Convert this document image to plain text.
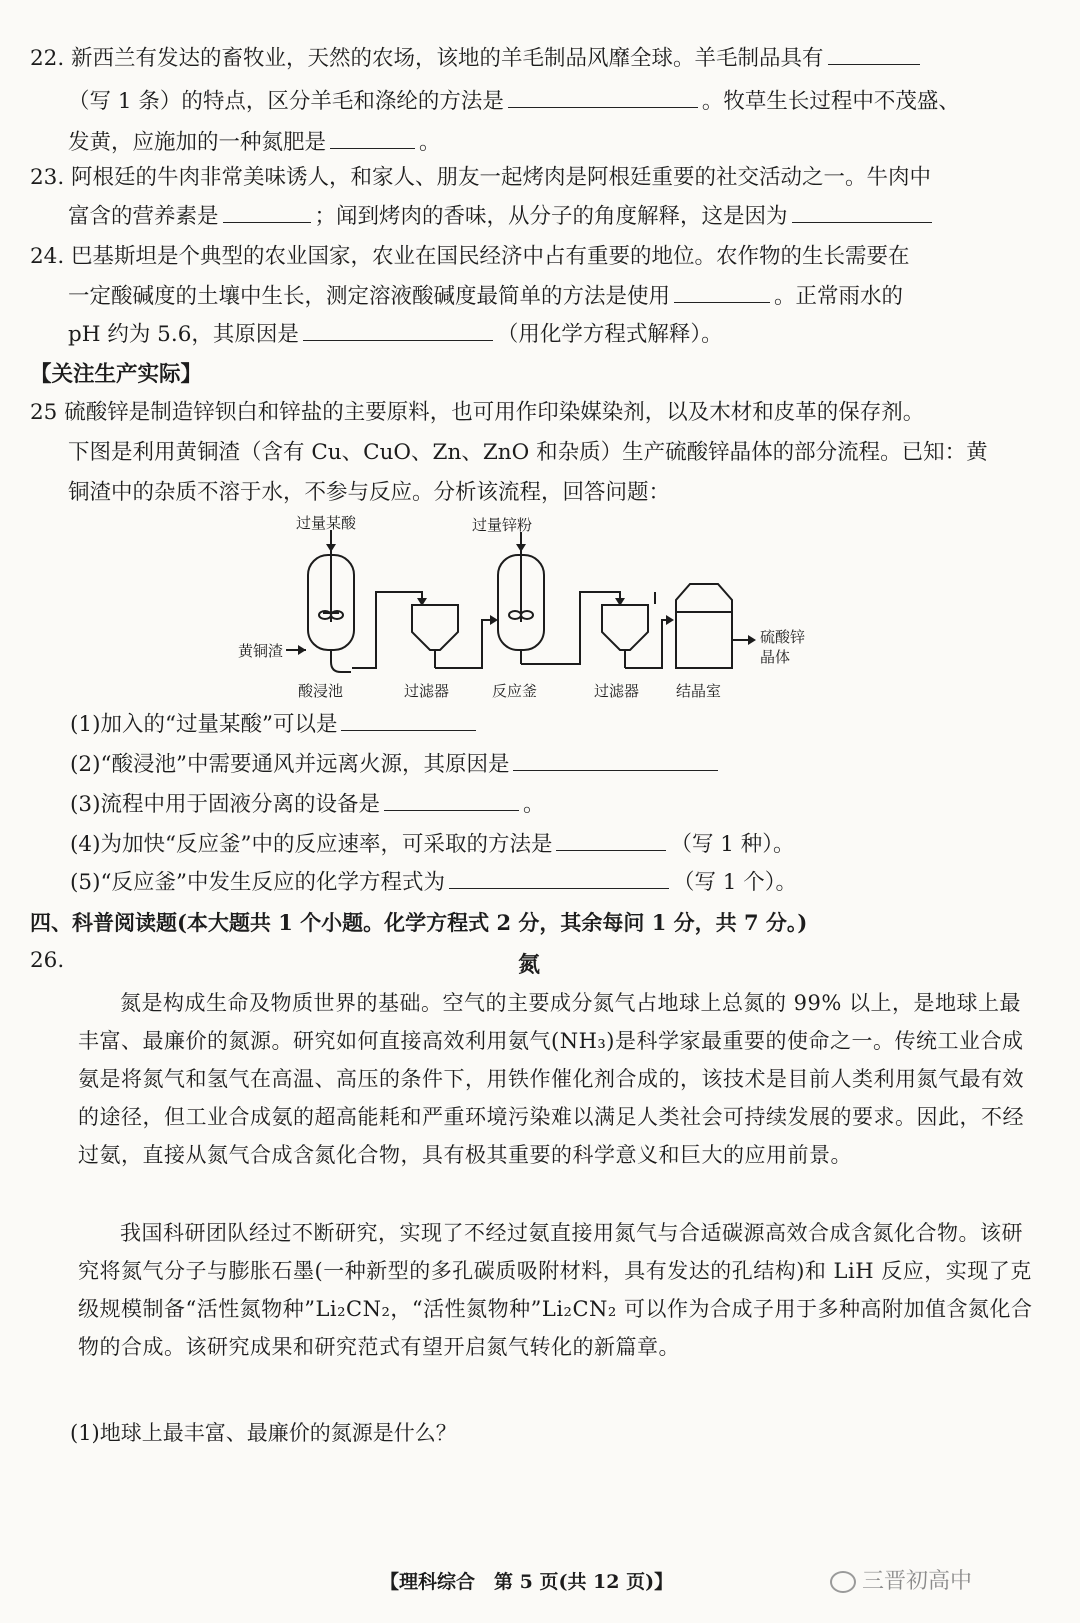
22. 新西兰有发达的畜牧业，天然的农场，该地的羊毛制品风靡全球。羊毛制品具有
（写 1 条）的特点，区分羊毛和涤纶的方法是	。牧草生长过程中不茂盛、
发黄，应施加的一种氮肥是	。
23. 阿根廷的牛肉非常美味诱人，和家人、朋友一起烤肉是阿根廷重要的社交活动之一。牛肉中
富含的营养素是	；闻到烤肉的香味，从分子的角度解释，这是因为
24. 巴基斯坦是个典型的农业国家，农业在国民经济中占有重要的地位。农作物的生长需要在
一定酸碱度的土壤中生长，测定溶液酸碱度最简单的方法是使用	。正常雨水的
pH 约为 5.6，其原因是	（用化学方程式解释）。
【关注生产实际】
25 硫酸锌是制造锌钡白和锌盐的主要原料，也可用作印染媒染剂，以及木材和皮革的保存剂。
下图是利用黄铜渣（含有 Cu、CuO、Zn、ZnO 和杂质）生产硫酸锌晶体的部分流程。已知：黄
铜渣中的杂质不溶于水，不参与反应。分析该流程，回答问题：
过量某酸	过量锌粉
黄铜渣
酸浸池	过滤器	反应釜	过滤器 结晶室
硫酸锌
晶体
(1)加入的“过量某酸”可以是
(2)“酸浸池”中需要通风并远离火源，其原因是
(3)流程中用于固液分离的设备是	。
(4)为加快“反应釜”中的反应速率，可采取的方法是	（写 1 种）。
(5)“反应釜”中发生反应的化学方程式为	（写 1 个）。
四、科普阅读题(本大题共 1 个小题。化学方程式 2 分，其余每问 1 分，共 7 分。)
26.	氮
氮是构成生命及物质世界的基础。空气的主要成分氮气占地球上总氮的 99% 以上，是地球上最丰富、最廉价的氮源。研究如何直接高效利用氨气(NH₃)是科学家最重要的使命之一。传统工业合成氨是将氮气和氢气在高温、高压的条件下，用铁作催化剂合成的，该技术是目前人类利用氮气最有效的途径，但工业合成氨的超高能耗和严重环境污染难以满足人类社会可持续发展的要求。因此，不经过氨，直接从氮气合成含氮化合物，具有极其重要的科学意义和巨大的应用前景。
我国科研团队经过不断研究，实现了不经过氨直接用氮气与合适碳源高效合成含氮化合物。该研究将氮气分子与膨胀石墨(一种新型的多孔碳质吸附材料，具有发达的孔结构)和 LiH 反应，实现了克级规模制备“活性氮物种”Li₂CN₂，“活性氮物种”Li₂CN₂ 可以作为合成子用于多种高附加值含氮化合物的合成。该研究成果和研究范式有望开启氮气转化的新篇章。
(1)地球上最丰富、最廉价的氮源是什么？
【理科综合　第 5 页(共 12 页)】	三晋初高中
